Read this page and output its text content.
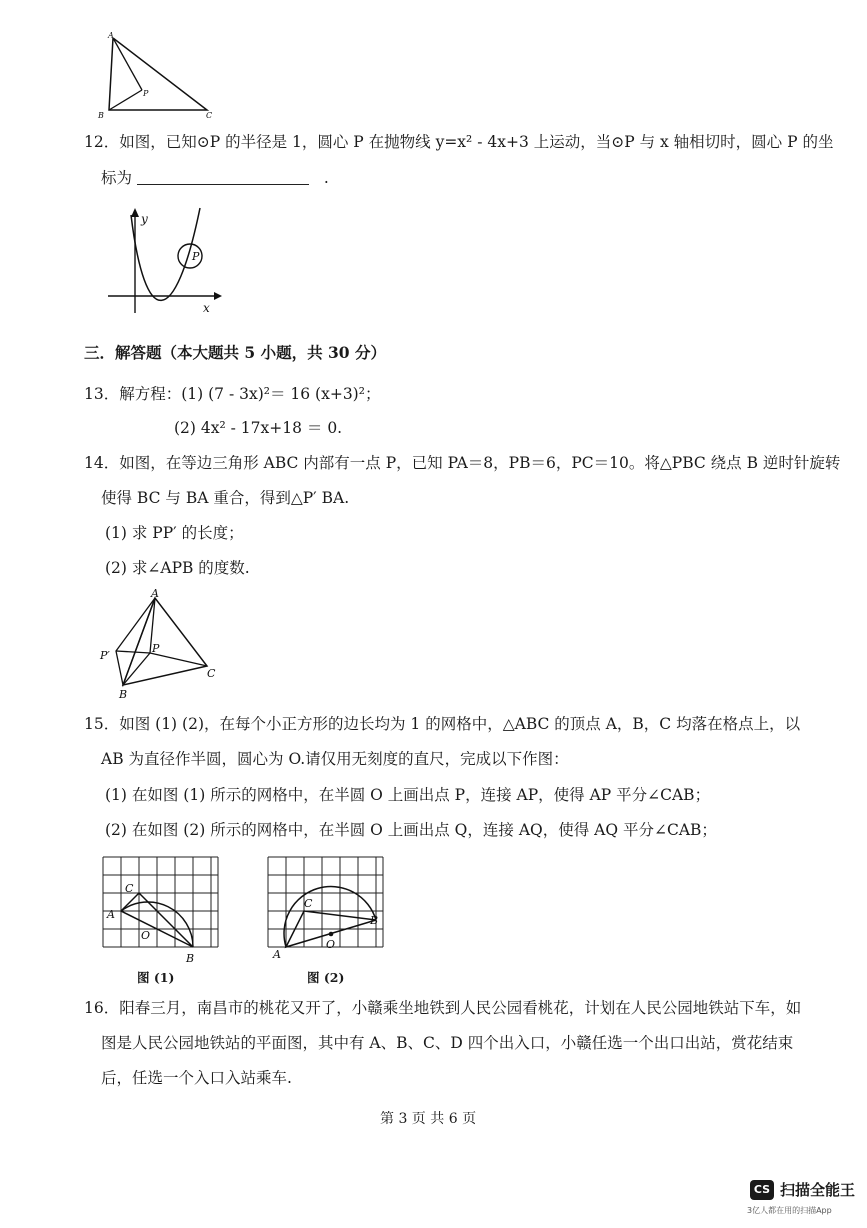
A
B	C
P
12．如图，已知⊙P 的半径是 1，圆心 P 在抛物线 y=x² - 4x+3 上运动，当⊙P 与 x 轴相切时，圆心 P 的坐
标为	.
y
x
P
三．解答题（本大题共 5 小题，共 30 分）
13．解方程：(1) (7 - 3x)²＝ 16 (x+3)²；
(2) 4x² - 17x+18 ＝ 0.
14．如图，在等边三角形 ABC 内部有一点 P，已知 PA＝8，PB＝6，PC＝10。将△PBC 绕点 B 逆时针旋转
使得 BC 与 BA 重合，得到△P′ BA.
(1) 求 PP′ 的长度；
(2) 求∠APB 的度数.
A
P′
P
C
B
15．如图 (1) (2)，在每个小正方形的边长均为 1 的网格中，△ABC 的顶点 A，B，C 均落在格点上，以
AB 为直径作半圆，圆心为 O.请仅用无刻度的直尺，完成以下作图：
(1) 在如图 (1) 所示的网格中，在半圆 O 上画出点 P，连接 AP，使得 AP 平分∠CAB；
(2) 在如图 (2) 所示的网格中，在半圆 O 上画出点 Q，连接 AQ，使得 AQ 平分∠CAB；
A
C
O
B
图 (1)
A
C
O
B
图 (2)
16．阳春三月，南昌市的桃花又开了，小赣乘坐地铁到人民公园看桃花，计划在人民公园地铁站下车，如
图是人民公园地铁站的平面图，其中有 A、B、C、D 四个出入口，小赣任选一个出口出站，赏花结束
后，任选一个入口入站乘车.
第 3 页 共 6 页
CS 扫描全能王
3亿人都在用的扫描App
